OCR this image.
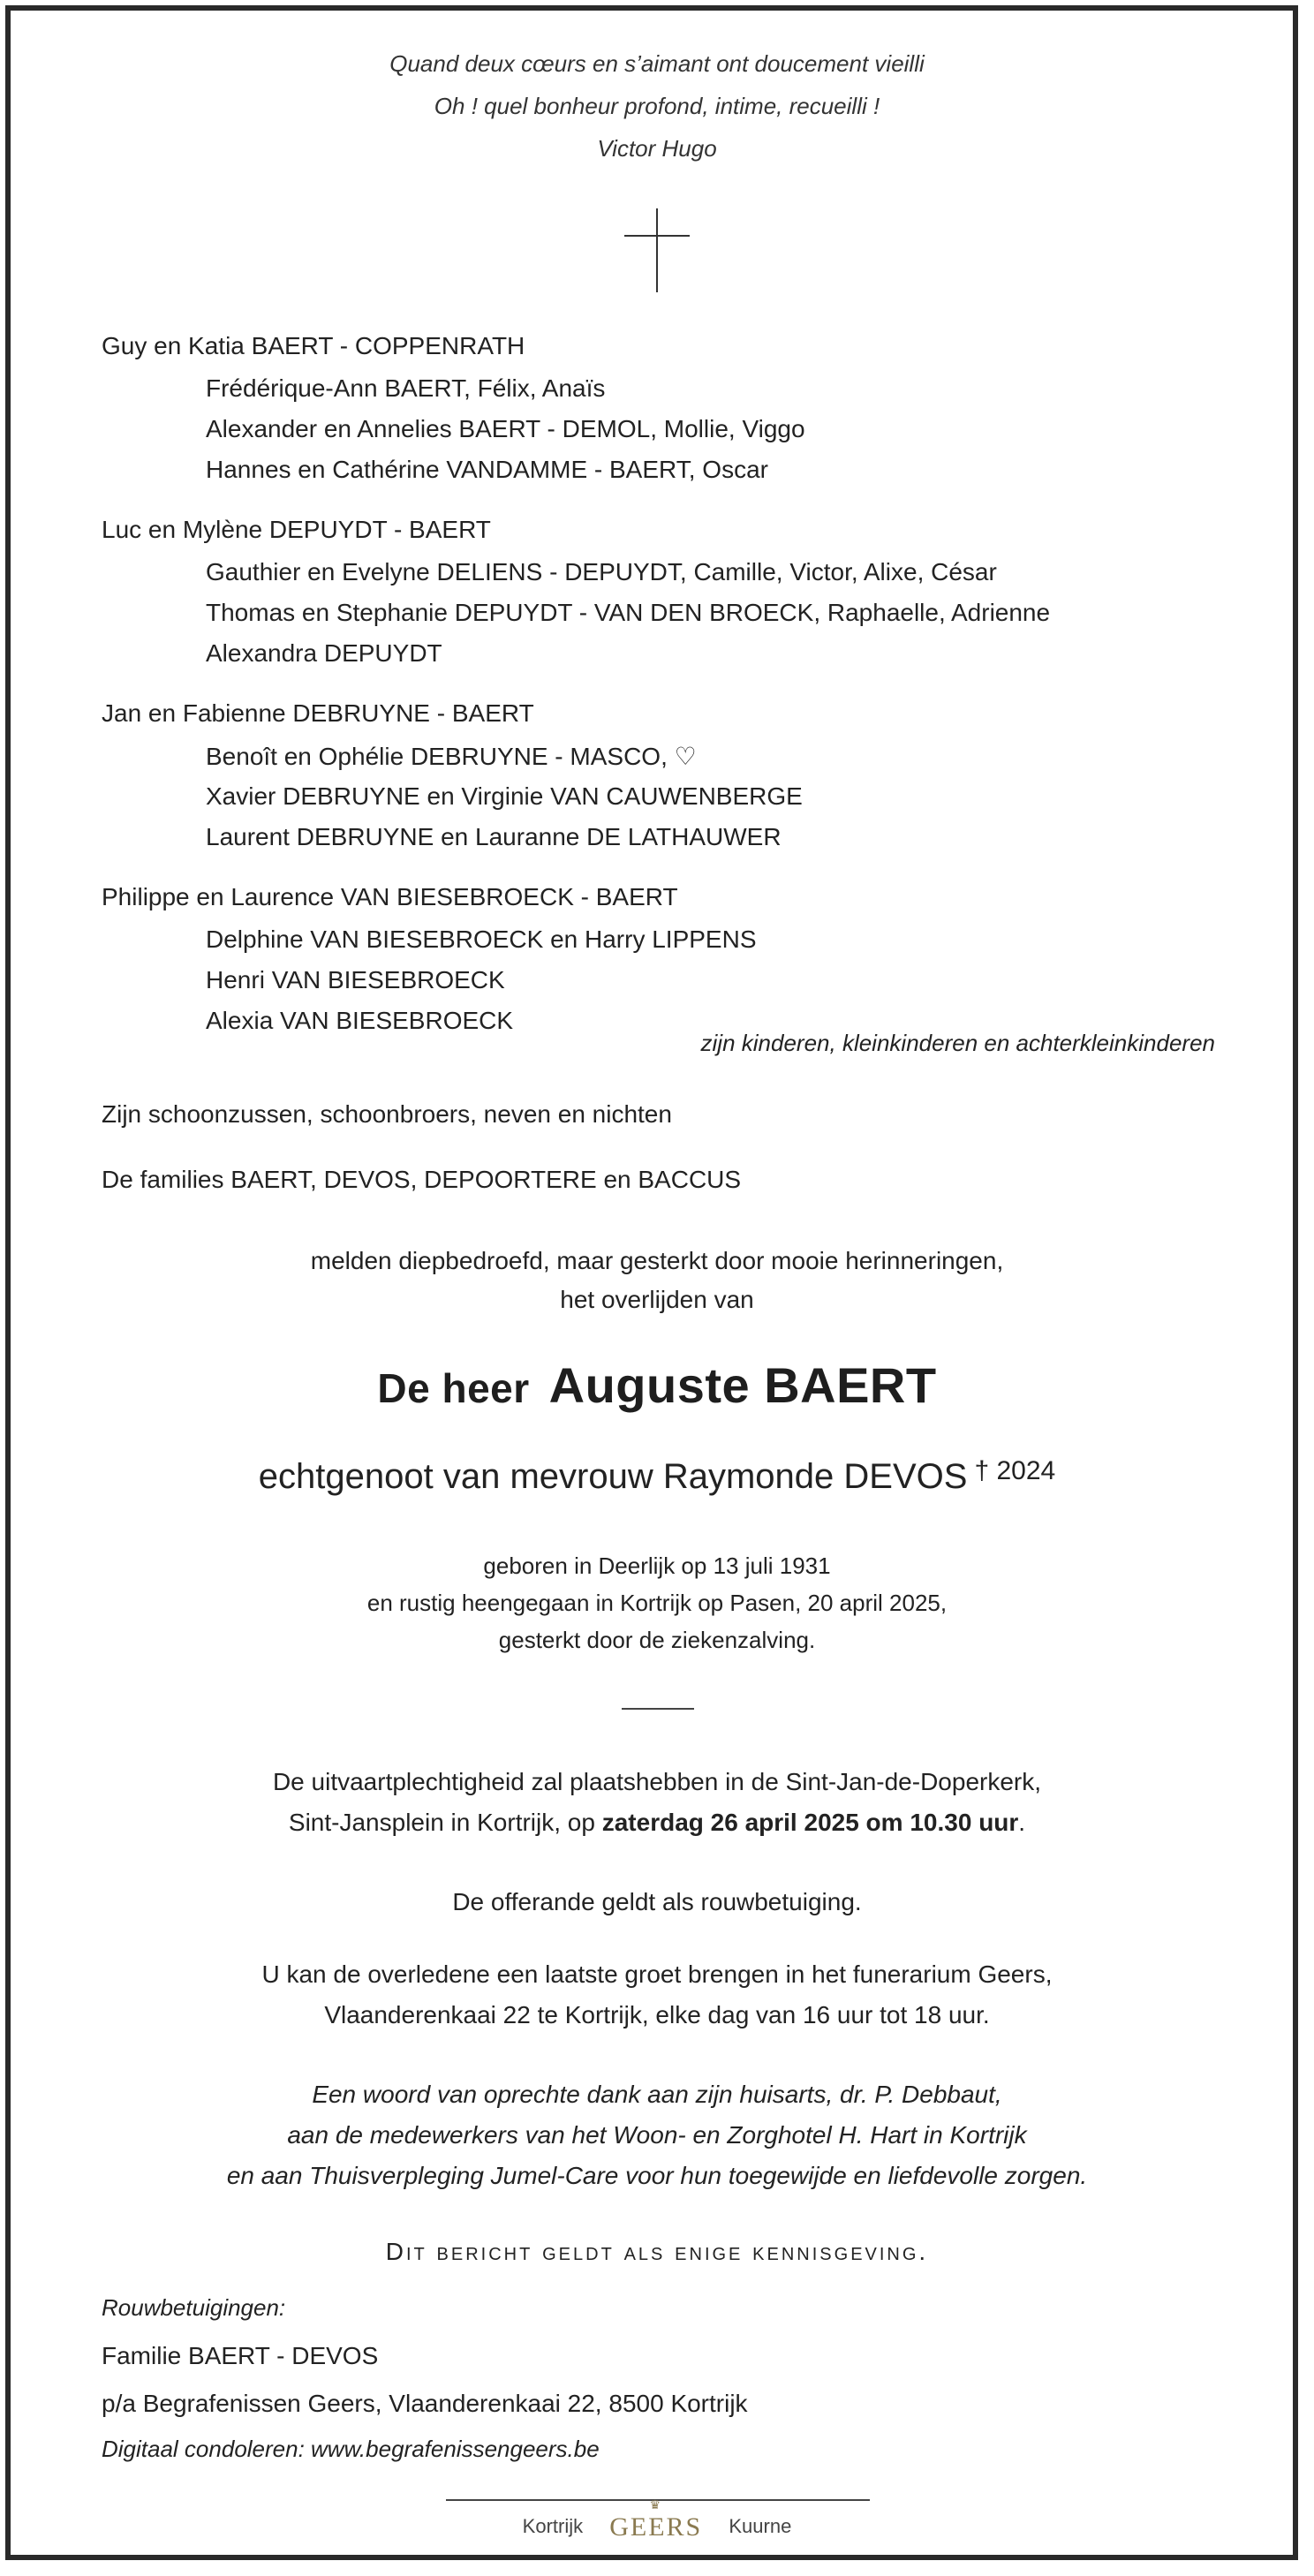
Quand deux cœurs en s’aimant ont doucement vieilli
Oh ! quel bonheur profond, intime, recueilli !
Victor Hugo
Guy en Katia BAERT - COPPENRATH
Frédérique-Ann BAERT, Félix, Anaïs
Alexander en Annelies BAERT - DEMOL, Mollie, Viggo
Hannes en Cathérine VANDAMME - BAERT, Oscar
Luc en Mylène DEPUYDT - BAERT
Gauthier en Evelyne DELIENS - DEPUYDT, Camille, Victor, Alixe, César
Thomas en Stephanie DEPUYDT - VAN DEN BROECK, Raphaelle, Adrienne
Alexandra DEPUYDT
Jan en Fabienne DEBRUYNE - BAERT
Benoît en Ophélie DEBRUYNE - MASCO, ♡
Xavier DEBRUYNE en Virginie VAN CAUWENBERGE
Laurent DEBRUYNE en Lauranne DE LATHAUWER
Philippe en Laurence VAN BIESEBROECK - BAERT
Delphine VAN BIESEBROECK en Harry LIPPENS
Henri VAN BIESEBROECK
Alexia VAN BIESEBROECK
zijn kinderen, kleinkinderen en achterkleinkinderen
Zijn schoonzussen, schoonbroers, neven en nichten
De families BAERT, DEVOS, DEPOORTERE en BACCUS
melden diepbedroefd, maar gesterkt door mooie herinneringen,
het overlijden van
De heer Auguste BAERT
echtgenoot van mevrouw Raymonde DEVOS $^{\dagger 2024}$
geboren in Deerlijk op 13 juli 1931
en rustig heengegaan in Kortrijk op Pasen, 20 april 2025,
gesterkt door de ziekenzalving.
De uitvaartplechtigheid zal plaatshebben in de Sint-Jan-de-Doperkerk,
Sint-Jansplein in Kortrijk, op zaterdag 26 april 2025 om 10.30 uur.
De offerande geldt als rouwbetuiging.
U kan de overledene een laatste groet brengen in het funerarium Geers,
Vlaanderenkaai 22 te Kortrijk, elke dag van 16 uur tot 18 uur.
Een woord van oprechte dank aan zijn huisarts, dr. P. Debbaut,
aan de medewerkers van het Woon- en Zorghotel H. Hart in Kortrijk
en aan Thuisverpleging Jumel-Care voor hun toegewijde en liefdevolle zorgen.
Dit bericht geldt als enige kennisgeving.
Rouwbetuigingen:
Familie BAERT - DEVOS
p/a Begrafenissen Geers, Vlaanderenkaai 22, 8500 Kortrijk
Digitaal condoleren: www.begrafenissengeers.be
Kortrijk
♛
GEERS Kuurne
